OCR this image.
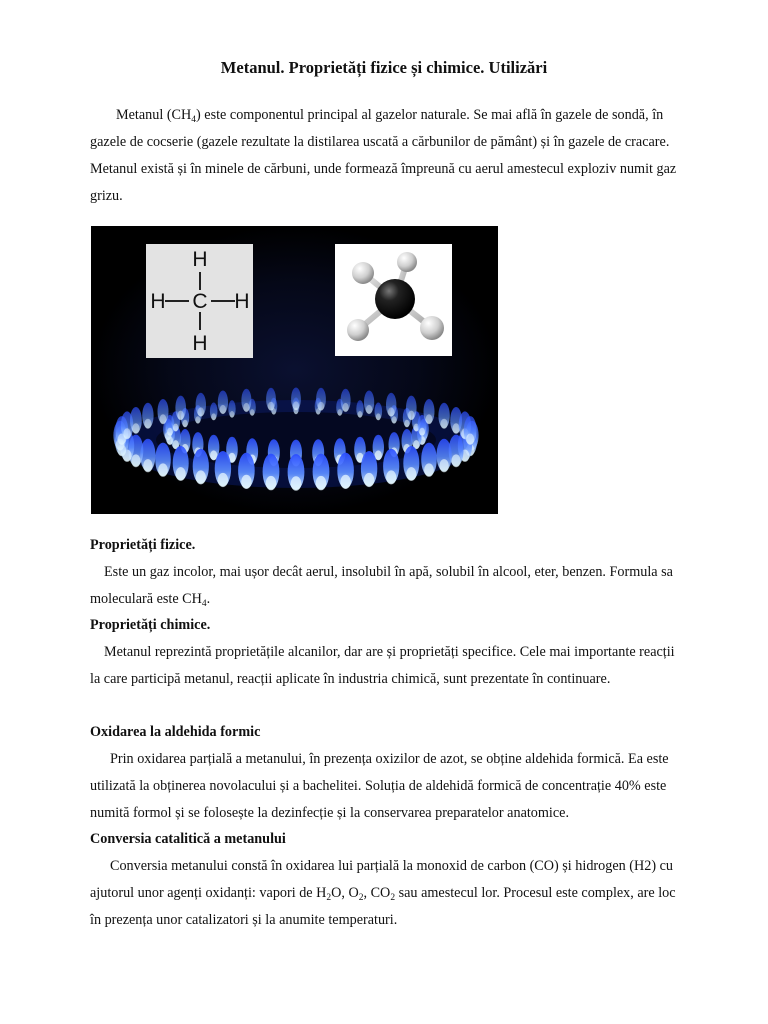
Metanul. Proprietăți fizice și chimice. Utilizări

Metanul $(CH_4)$ este componentul principal al gazelor naturale. Se mai află în gazele de sondă, în gazele de cocserie (gazele rezultate la distilarea uscată a cărbunilor de pământ) și în gazele de cracare. Metanul există și în minele de cărbuni, unde formează împreună cu aerul amestecul exploziv numit gaz grizu.

H
H C H
H

Proprietăți fizice.

Este un gaz incolor, mai ușor decât aerul, insolubil în apă, solubil în alcool, eter, benzen. Formula sa moleculară este $CH_4$.

Proprietăți chimice.

Metanul reprezintă proprietățile alcanilor, dar are și proprietăți specifice. Cele mai importante reacții la care participă metanul, reacții aplicate în industria chimică, sunt prezentate în continuare.

Oxidarea la aldehida formic

Prin oxidarea parțială a metanului, în prezența oxizilor de azot, se obține aldehida formică. Ea este utilizată la obținerea novolacului și a bachelitei. Soluția de aldehidă formică de concentrație 40% este numită formol și se folosește la dezinfecție și la conservarea preparatelor anatomice.

Conversia catalitică a metanului

Conversia metanului constă în oxidarea lui parțială la monoxid de carbon (CO) și hidrogen (H2) cu ajutorul unor agenți oxidanți: vapori de $H_2O$, $O_2$, $CO_2$ sau amestecul lor. Procesul este complex, are loc în prezența unor catalizatori și la anumite temperaturi.
